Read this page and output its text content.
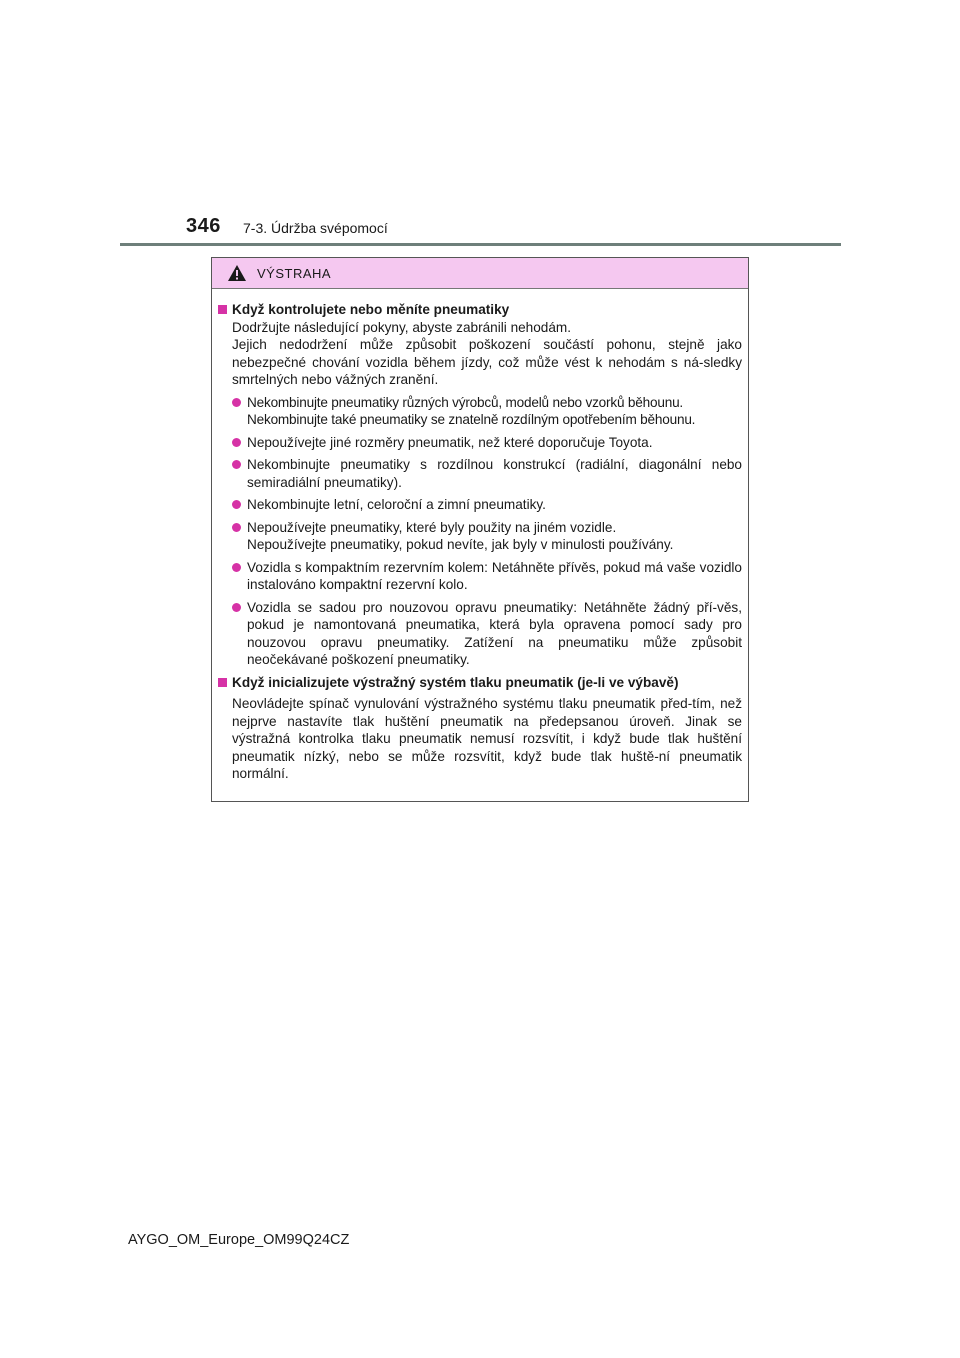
346 7-3. Údržba svépomocí
VÝSTRAHA
Když kontrolujete nebo měníte pneumatiky
Dodržujte následující pokyny, abyste zabránili nehodám.
Jejich nedodržení může způsobit poškození součástí pohonu, stejně jako nebezpečné chování vozidla během jízdy, což může vést k nehodám s ná-sledky smrtelných nebo vážných zranění.
Nekombinujte pneumatiky různých výrobců, modelů nebo vzorků běhounu.
Nekombinujte také pneumatiky se znatelně rozdílným opotřebením běhounu.
Nepoužívejte jiné rozměry pneumatik, než které doporučuje Toyota.
Nekombinujte pneumatiky s rozdílnou konstrukcí (radiální, diagonální nebo semiradiální pneumatiky).
Nekombinujte letní, celoroční a zimní pneumatiky.
Nepoužívejte pneumatiky, které byly použity na jiném vozidle.
Nepoužívejte pneumatiky, pokud nevíte, jak byly v minulosti používány.
Vozidla s kompaktním rezervním kolem: Netáhněte přívěs, pokud má vaše vozidlo instalováno kompaktní rezervní kolo.
Vozidla se sadou pro nouzovou opravu pneumatiky: Netáhněte žádný pří-věs, pokud je namontovaná pneumatika, která byla opravena pomocí sady pro nouzovou opravu pneumatiky. Zatížení na pneumatiku může způsobit neočekávané poškození pneumatiky.
Když inicializujete výstražný systém tlaku pneumatik (je-li ve výbavě)
Neovládejte spínač vynulování výstražného systému tlaku pneumatik před-tím, než nejprve nastavíte tlak huštění pneumatik na předepsanou úroveň. Jinak se výstražná kontrolka tlaku pneumatik nemusí rozsvítit, i když bude tlak huštění pneumatik nízký, nebo se může rozsvítit, když bude tlak huště-ní pneumatik normální.
AYGO_OM_Europe_OM99Q24CZ
